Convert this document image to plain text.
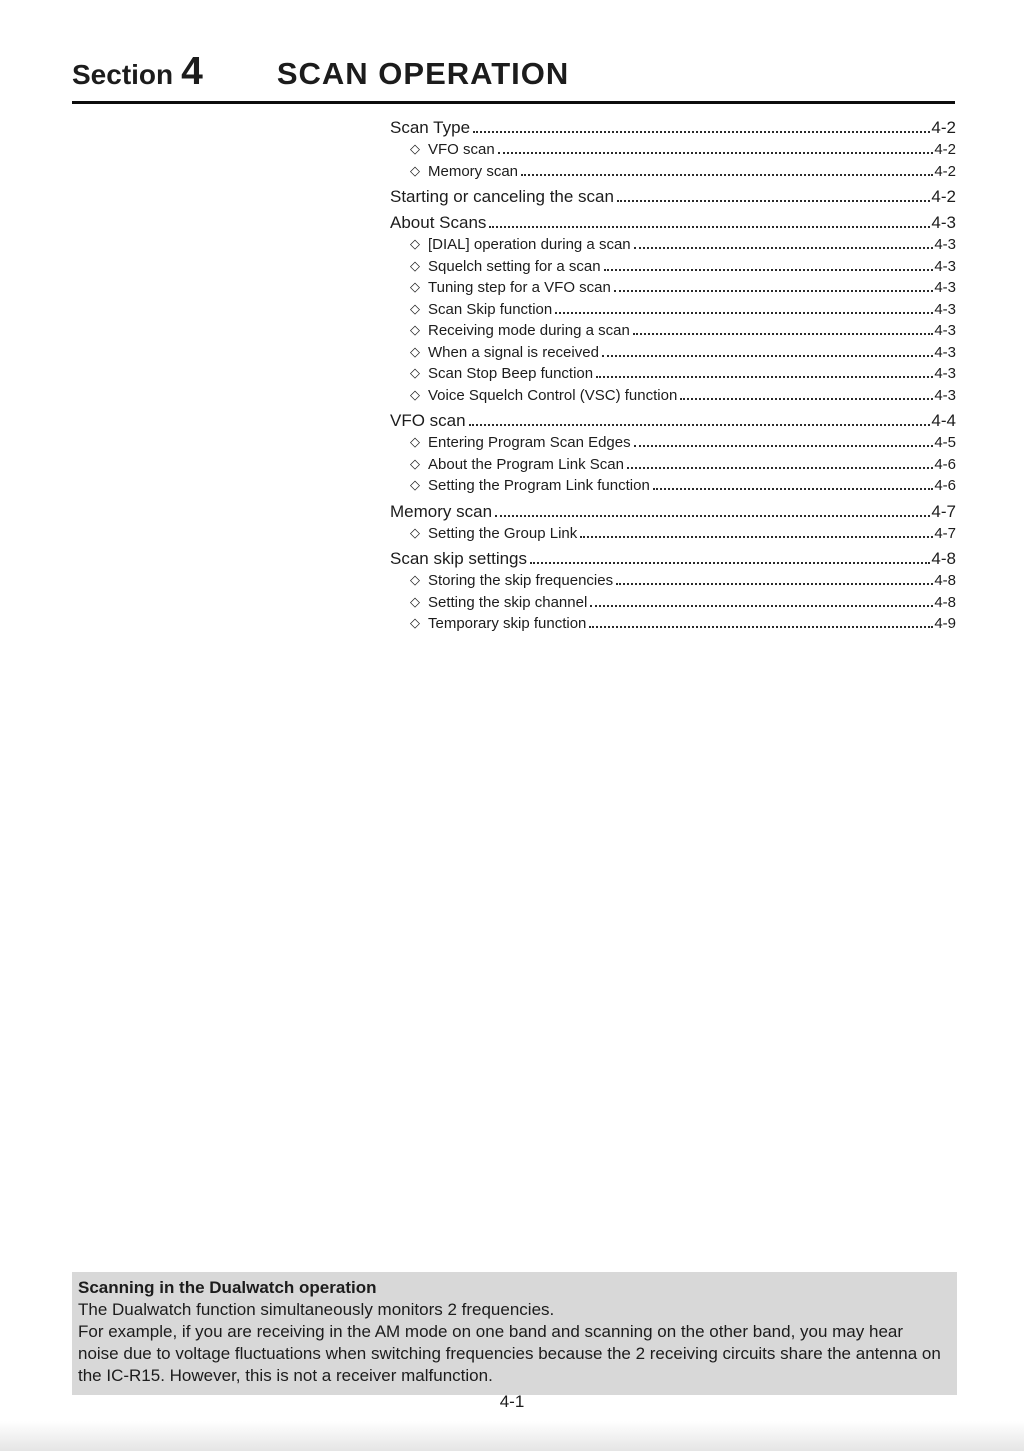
Section 4 SCAN OPERATION
Scan Type	4-2
◇ VFO scan	4-2
◇ Memory scan	4-2
Starting or canceling the scan	4-2
About Scans	4-3
◇ [DIAL] operation during a scan	4-3
◇ Squelch setting for a scan	4-3
◇ Tuning step for a VFO scan	4-3
◇ Scan Skip function	4-3
◇ Receiving mode during a scan	4-3
◇ When a signal is received	4-3
◇ Scan Stop Beep function	4-3
◇ Voice Squelch Control (VSC) function	4-3
VFO scan	4-4
◇ Entering Program Scan Edges	4-5
◇ About the Program Link Scan	4-6
◇ Setting the Program Link function	4-6
Memory scan	4-7
◇ Setting the Group Link	4-7
Scan skip settings	4-8
◇ Storing the skip frequencies	4-8
◇ Setting the skip channel	4-8
◇ Temporary skip function	4-9
Scanning in the Dualwatch operation
The Dualwatch function simultaneously monitors 2 frequencies.
For example, if you are receiving in the AM mode on one band and scanning on the other band, you may hear noise due to voltage fluctuations when switching frequencies because the 2 receiving circuits share the antenna on the IC-R15. However, this is not a receiver malfunction.
4-1
